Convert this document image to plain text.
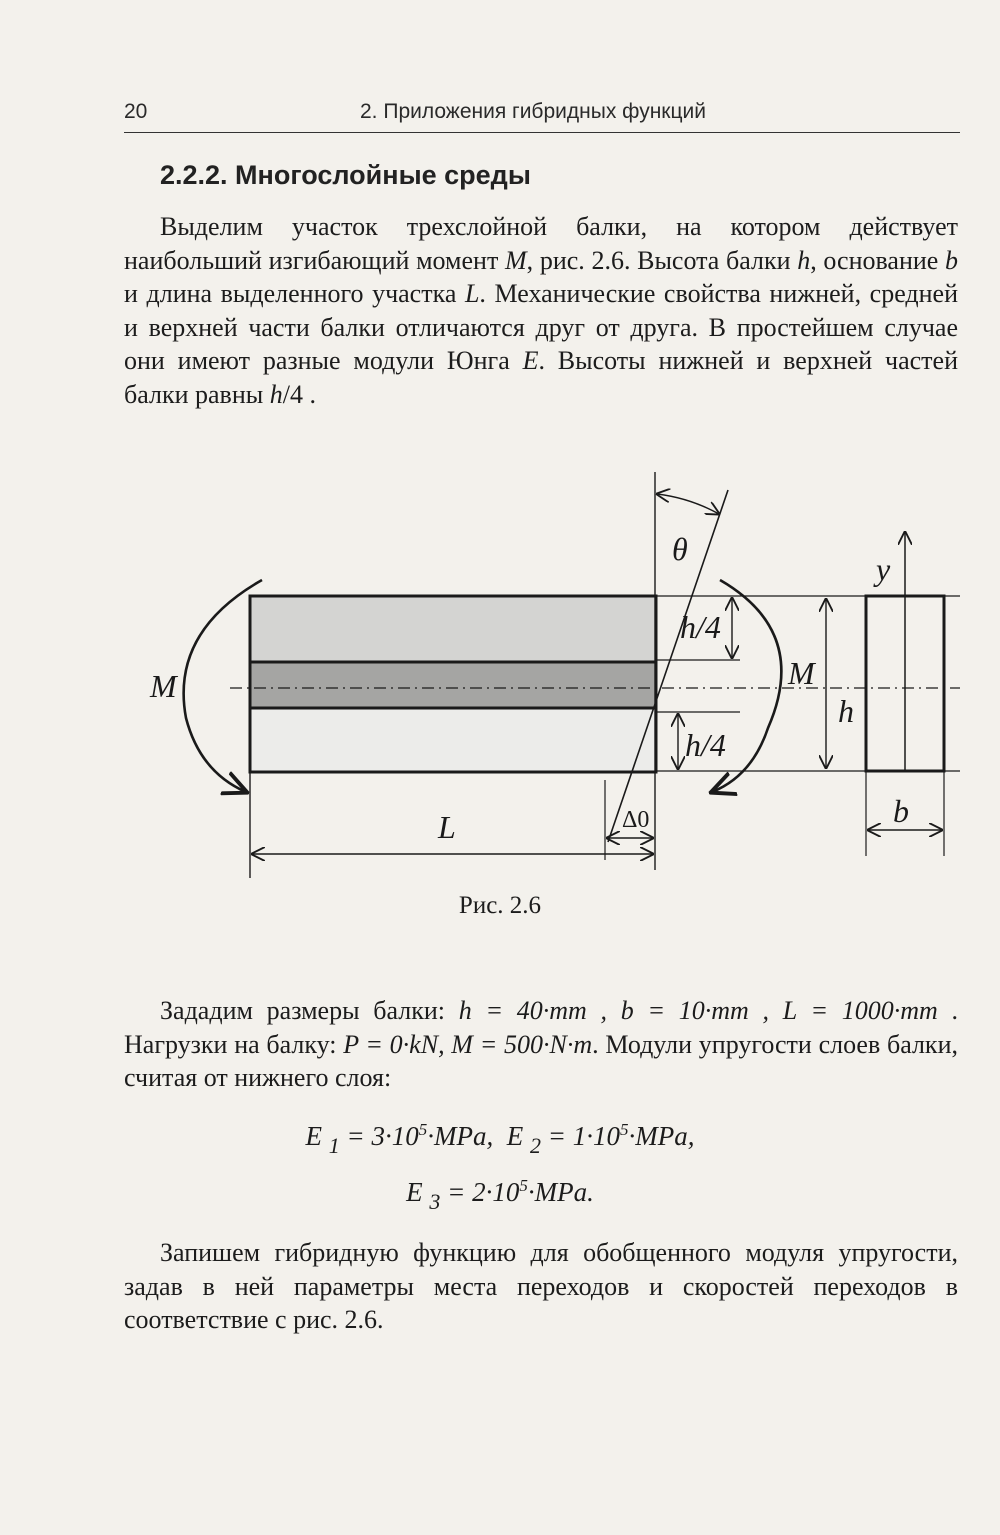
20	2. Приложения гибридных функций
2.2.2. Многослойные среды
Выделим участок трехслойной балки, на котором действует наибольший изгибающий момент M, рис. 2.6. Высота балки h, основание b и длина выделенного участка L. Механические свойства нижней, средней и верхней части балки отличаются друг от друга. В простейшем случае они имеют разные модули Юнга E. Высоты нижней и верхней частей балки равны h/4 .
M	M
θ
h/4
h/4
h
y
b
L	Δ0
Рис. 2.6
Зададим размеры балки: h = 40·mm , b = 10·mm , L = 1000·mm . Нагрузки на балку: P = 0·kN, M = 500·N·m. Модули упругости слоев балки, считая от нижнего слоя:
E $_1 = 3\cdot 10^5\cdot MPa$,  E $_2 = 1\cdot 10^5\cdot MPa$,
E $_3 = 2\cdot 10^5\cdot MPa$.
Запишем гибридную функцию для обобщенного модуля упругости, задав в ней параметры места переходов и скоростей переходов в соответствие с рис. 2.6.
